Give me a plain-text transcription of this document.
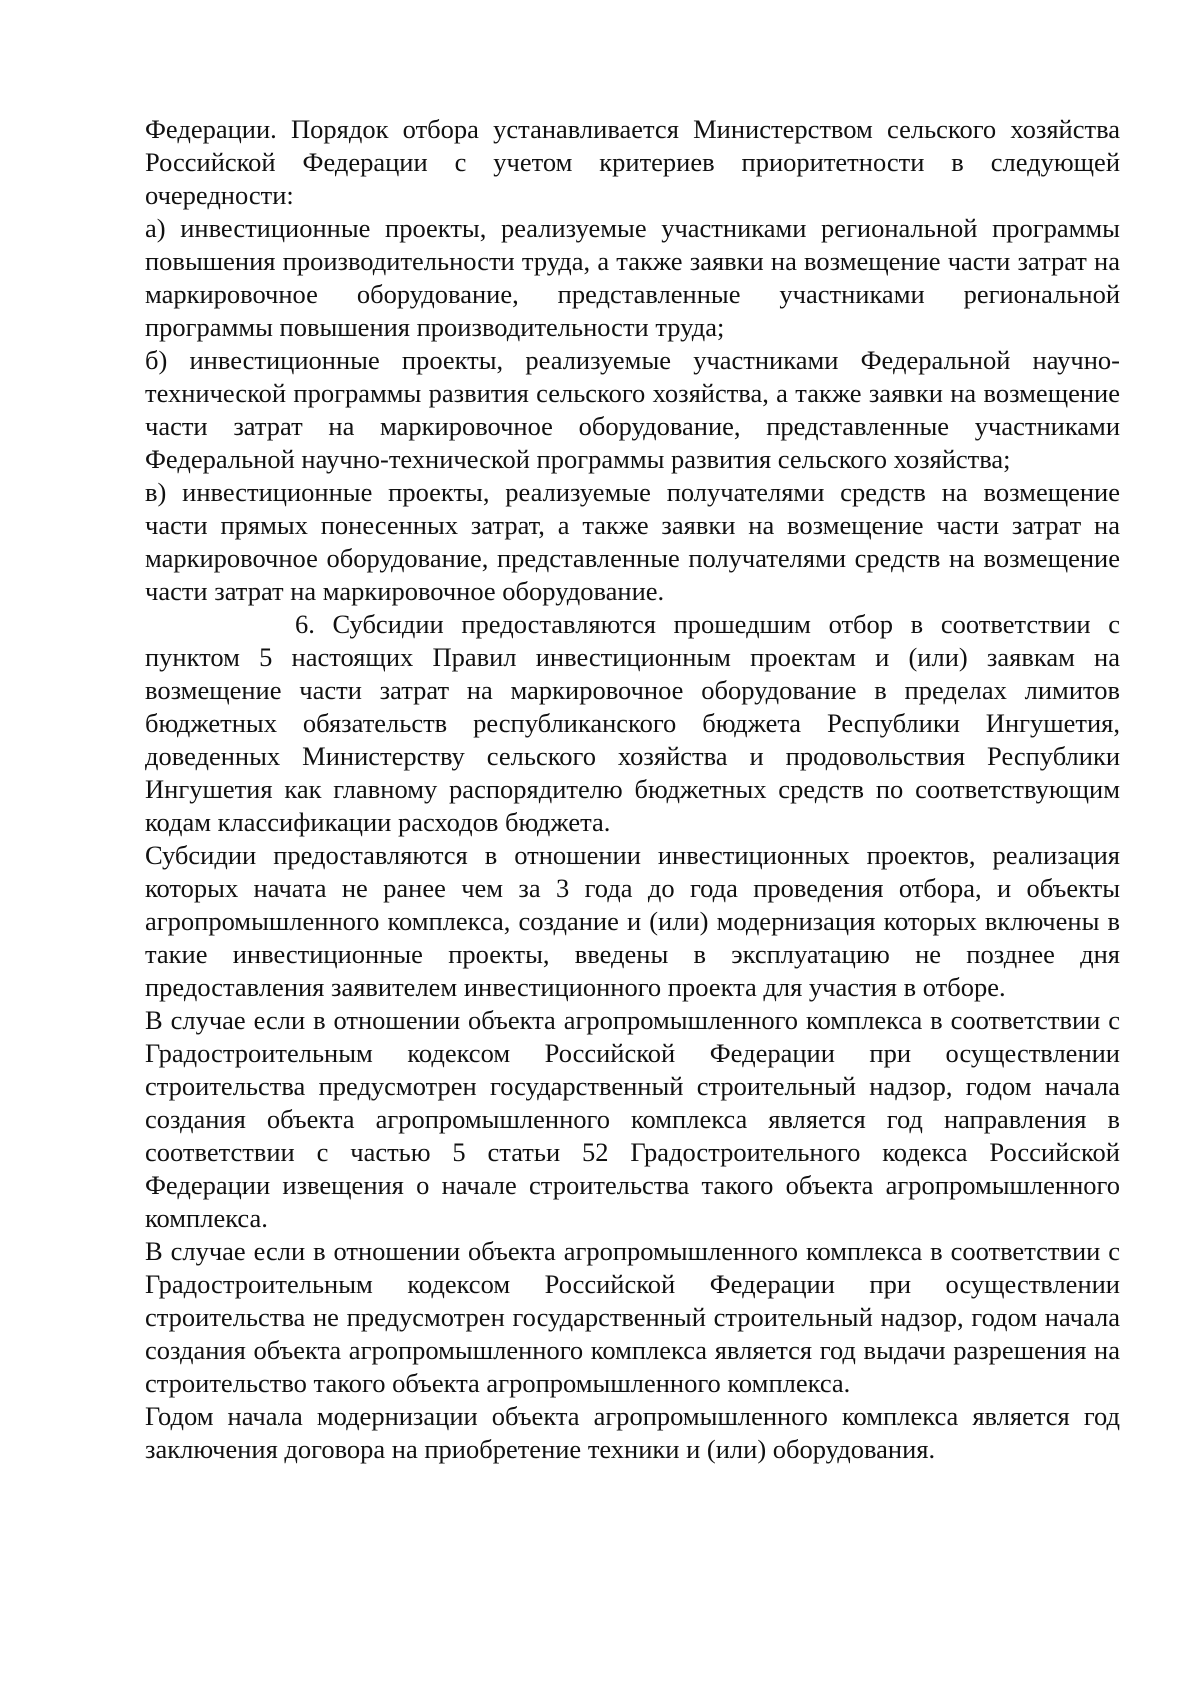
Федерации. Порядок отбора устанавливается Министерством сельского хозяйства Российской Федерации с учетом критериев приоритетности в следующей очередности:

а) инвестиционные проекты, реализуемые участниками региональной программы повышения производительности труда, а также заявки на возмещение части затрат на маркировочное оборудование, представленные участниками региональной программы повышения производительности труда;

б) инвестиционные проекты, реализуемые участниками Федеральной научно-технической программы развития сельского хозяйства, а также заявки на возмещение части затрат на маркировочное оборудование, представленные участниками Федеральной научно-технической программы развития сельского хозяйства;

в) инвестиционные проекты, реализуемые получателями средств на возмещение части прямых понесенных затрат, а также заявки на возмещение части затрат на маркировочное оборудование, представленные получателями средств на возмещение части затрат на маркировочное оборудование.

6. Субсидии предоставляются прошедшим отбор в соответствии с пунктом 5 настоящих Правил инвестиционным проектам и (или) заявкам на возмещение части затрат на маркировочное оборудование в пределах лимитов бюджетных обязательств республиканского бюджета Республики Ингушетия, доведенных Министерству сельского хозяйства и продовольствия Республики Ингушетия как главному распорядителю бюджетных средств по соответствующим кодам классификации расходов бюджета.

Субсидии предоставляются в отношении инвестиционных проектов, реализация которых начата не ранее чем за 3 года до года проведения отбора, и объекты агропромышленного комплекса, создание и (или) модернизация которых включены в такие инвестиционные проекты, введены в эксплуатацию не позднее дня предоставления заявителем инвестиционного проекта для участия в отборе.

В случае если в отношении объекта агропромышленного комплекса в соответствии с Градостроительным кодексом Российской Федерации при осуществлении строительства предусмотрен государственный строительный надзор, годом начала создания объекта агропромышленного комплекса является год направления в соответствии с частью 5 статьи 52 Градостроительного кодекса Российской Федерации извещения о начале строительства такого объекта агропромышленного комплекса.

В случае если в отношении объекта агропромышленного комплекса в соответствии с Градостроительным кодексом Российской Федерации при осуществлении строительства не предусмотрен государственный строительный надзор, годом начала создания объекта агропромышленного комплекса является год выдачи разрешения на строительство такого объекта агропромышленного комплекса.

Годом начала модернизации объекта агропромышленного комплекса является год заключения договора на приобретение техники и (или) оборудования.
